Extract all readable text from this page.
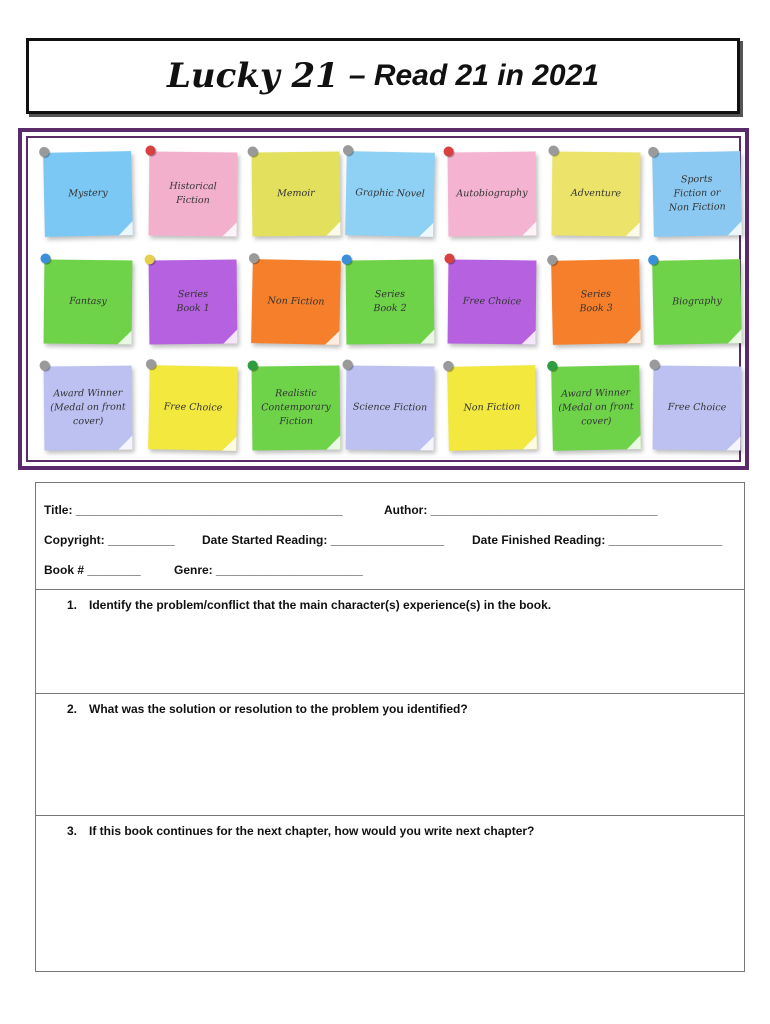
Lucky 21 – Read 21 in 2021
Mystery
Historical
Fiction
Memoir	Graphic Novel	Autobiography	Adventure
Sports
Fiction or
Non Fiction
Fantasy
Series
Book 1
Non Fiction
Series
Book 2
Free Choice
Series
Book 3
Biography
Award Winner
(Medal on front cover)
Free Choice
Realistic
Contemporary
Fiction
Science Fiction	Non Fiction
Award Winner
(Medal on front cover)
Free Choice
Title: ________________________________________	Author: __________________________________
Copyright: __________ Date Started Reading: _________________ Date Finished Reading: _________________
Book # ________	Genre: ______________________
1. Identify the problem/conflict that the main character(s) experience(s) in the book.
2. What was the solution or resolution to the problem you identified?
3. If this book continues for the next chapter, how would you write next chapter?
